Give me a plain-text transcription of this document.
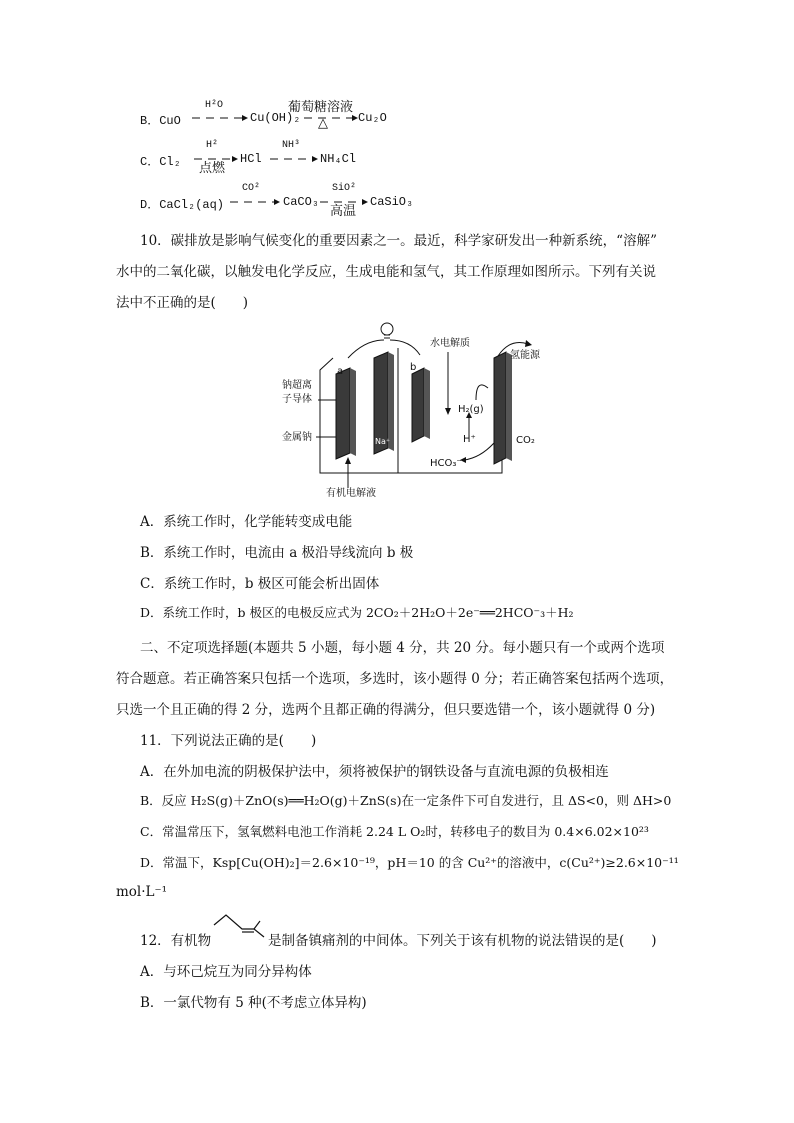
B．CuO
H²O
Cu(OH)₂
葡萄糖溶液
△	Cu₂O
C．Cl₂
H²
点燃
HCl
NH³
NH₄Cl
D．CaCl₂(aq)
CO²
CaCO₃
SiO²
高温
CaSiO₃
10．碳排放是影响气候变化的重要因素之一。最近，科学家研发出一种新系统，“溶解”
水中的二氧化碳，以触发电化学反应，生成电能和氢气，其工作原理如图所示。下列有关说
法中不正确的是(　　)
a	b
钠超离
子导体
金属钠	Na⁺
水电解质
氢能源
H₂(g)
H⁺	CO₂
HCO₃⁻
有机电解液
A．系统工作时，化学能转变成电能
B．系统工作时，电流由 a 极沿导线流向 b 极
C．系统工作时，b 极区可能会析出固体
D．系统工作时，b 极区的电极反应式为 2CO₂＋2H₂O＋2e⁻══2HCO⁻₃＋H₂
二、不定项选择题(本题共 5 小题，每小题 4 分，共 20 分。每小题只有一个或两个选项
符合题意。若正确答案只包括一个选项，多选时，该小题得 0 分；若正确答案包括两个选项，
只选一个且正确的得 2 分，选两个且都正确的得满分，但只要选错一个，该小题就得 0 分)
11．下列说法正确的是(　　)
A．在外加电流的阴极保护法中，须将被保护的钢铁设备与直流电源的负极相连
B．反应 H₂S(g)＋ZnO(s)══H₂O(g)＋ZnS(s)在一定条件下可自发进行，且 ΔS<0，则 ΔH>0
C．常温常压下，氢氧燃料电池工作消耗 2.24 L O₂时，转移电子的数目为 0.4×6.02×10²³
D．常温下，Ksp[Cu(OH)₂]＝2.6×10⁻¹⁹，pH＝10 的含 Cu²⁺的溶液中，c(Cu²⁺)≥2.6×10⁻¹¹
mol·L⁻¹
12．有机物	是制备镇痛剂的中间体。下列关于该有机物的说法错误的是(　　)
A．与环己烷互为同分异构体
B．一氯代物有 5 种(不考虑立体异构)
